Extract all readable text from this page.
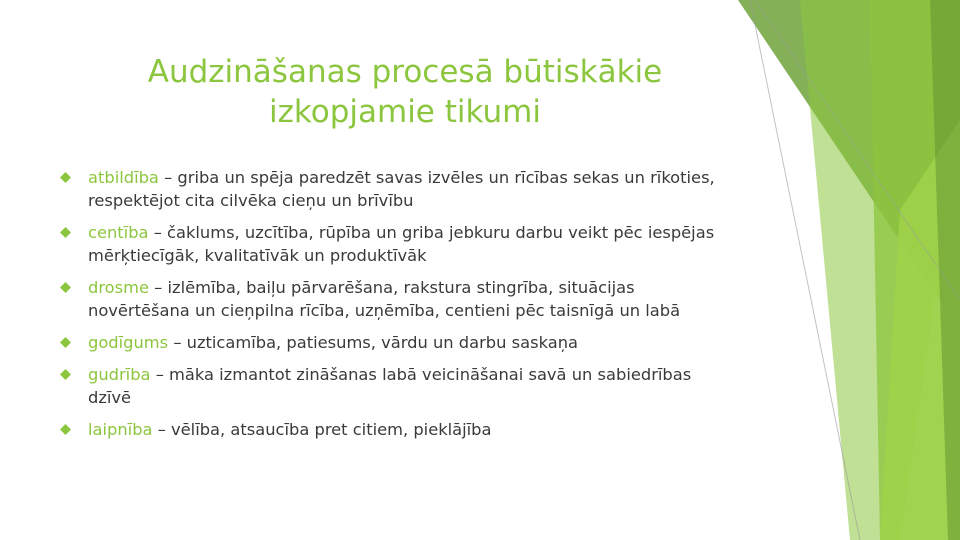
Audzināšanas procesā būtiskākie
izkopjamie tikumi
atbildība – griba un spēja paredzēt savas izvēles un rīcības sekas un rīkoties, respektējot cita cilvēka cieņu un brīvību
centība – čaklums, uzcītība, rūpība un griba jebkuru darbu veikt pēc iespējas mērķtiecīgāk, kvalitatīvāk un produktīvāk
drosme – izlēmība, baiļu pārvarēšana, rakstura stingrība, situācijas novērtēšana un cieņpilna rīcība, uzņēmība, centieni pēc taisnīgā un labā
godīgums – uzticamība, patiesums, vārdu un darbu saskaņa
gudrība – māka izmantot zināšanas labā veicināšanai savā un sabiedrības dzīvē
laipnība – vēlība, atsaucība pret citiem, pieklājība
